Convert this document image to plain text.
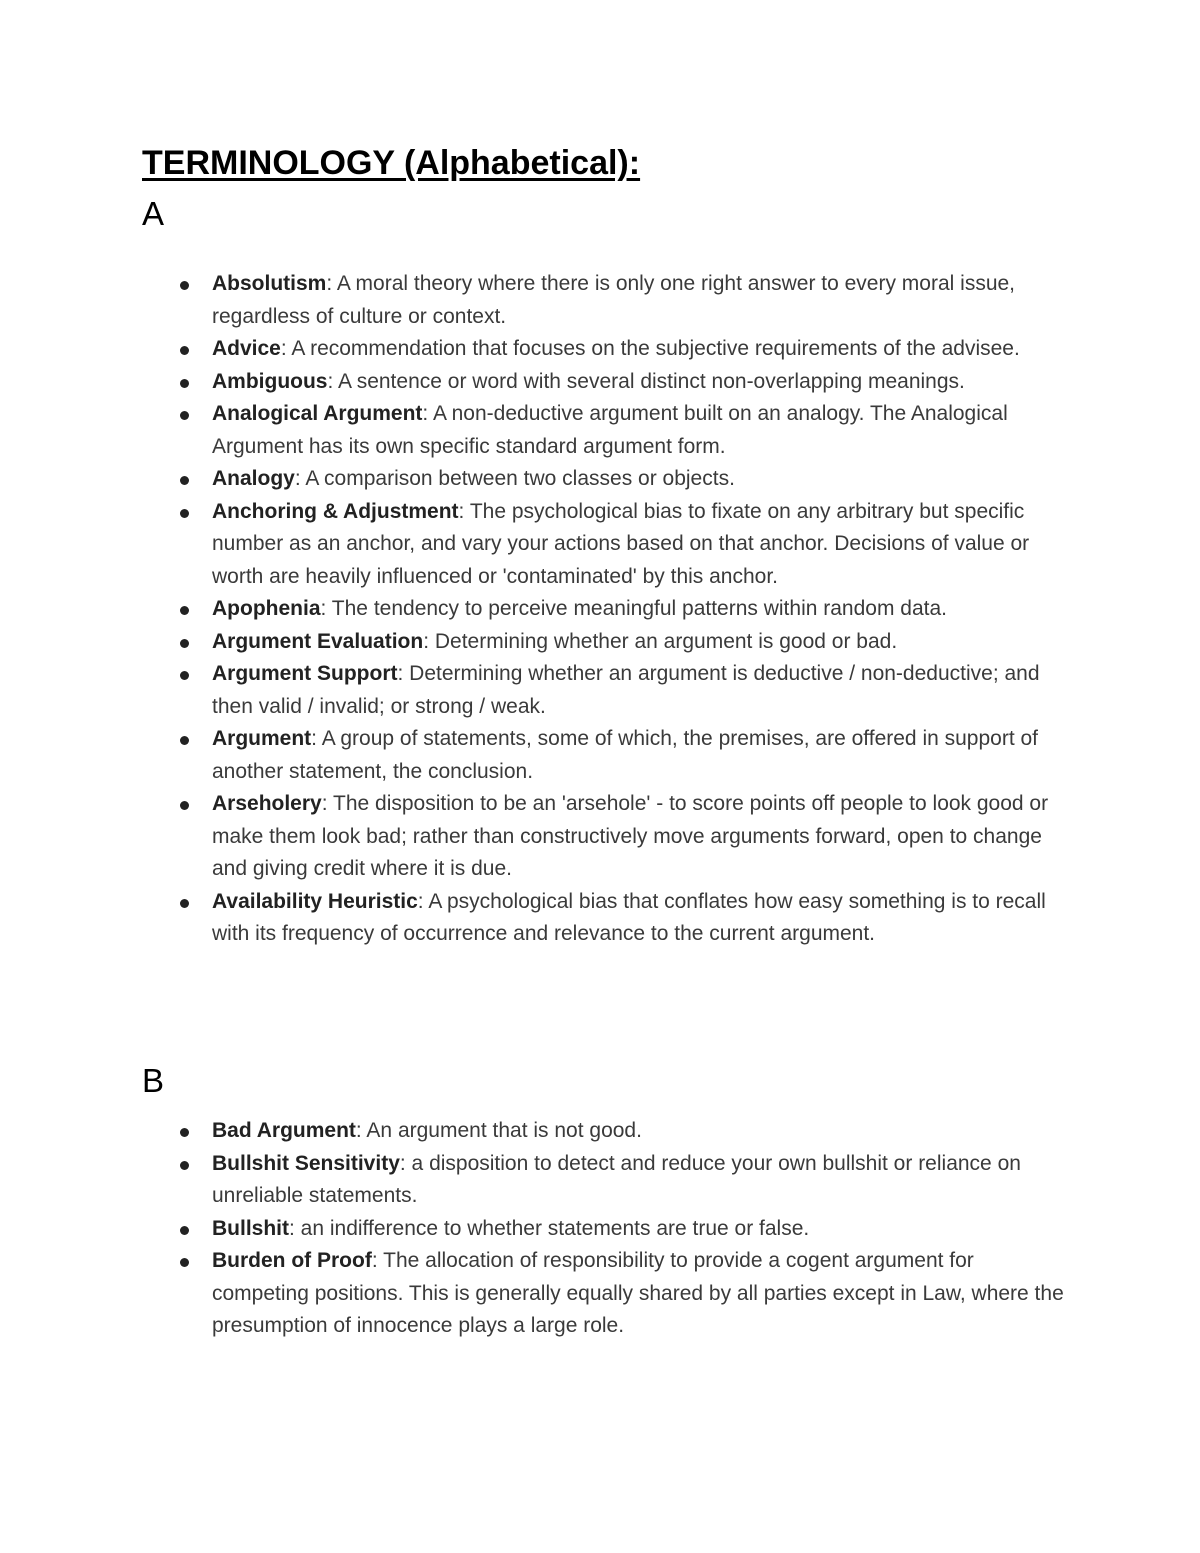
TERMINOLOGY (Alphabetical):
A
Absolutism: A moral theory where there is only one right answer to every moral issue, regardless of culture or context.
Advice: A recommendation that focuses on the subjective requirements of the advisee.
Ambiguous: A sentence or word with several distinct non-overlapping meanings.
Analogical Argument: A non-deductive argument built on an analogy. The Analogical Argument has its own specific standard argument form.
Analogy: A comparison between two classes or objects.
Anchoring & Adjustment: The psychological bias to fixate on any arbitrary but specific number as an anchor, and vary your actions based on that anchor. Decisions of value or worth are heavily influenced or 'contaminated' by this anchor.
Apophenia: The tendency to perceive meaningful patterns within random data.
Argument Evaluation: Determining whether an argument is good or bad.
Argument Support: Determining whether an argument is deductive / non-deductive; and then valid / invalid; or strong / weak.
Argument: A group of statements, some of which, the premises, are offered in support of another statement, the conclusion.
Arseholery: The disposition to be an 'arsehole' - to score points off people to look good or make them look bad; rather than constructively move arguments forward, open to change and giving credit where it is due.
Availability Heuristic: A psychological bias that conflates how easy something is to recall with its frequency of occurrence and relevance to the current argument.
B
Bad Argument: An argument that is not good.
Bullshit Sensitivity: a disposition to detect and reduce your own bullshit or reliance on unreliable statements.
Bullshit: an indifference to whether statements are true or false.
Burden of Proof: The allocation of responsibility to provide a cogent argument for competing positions. This is generally equally shared by all parties except in Law, where the presumption of innocence plays a large role.
